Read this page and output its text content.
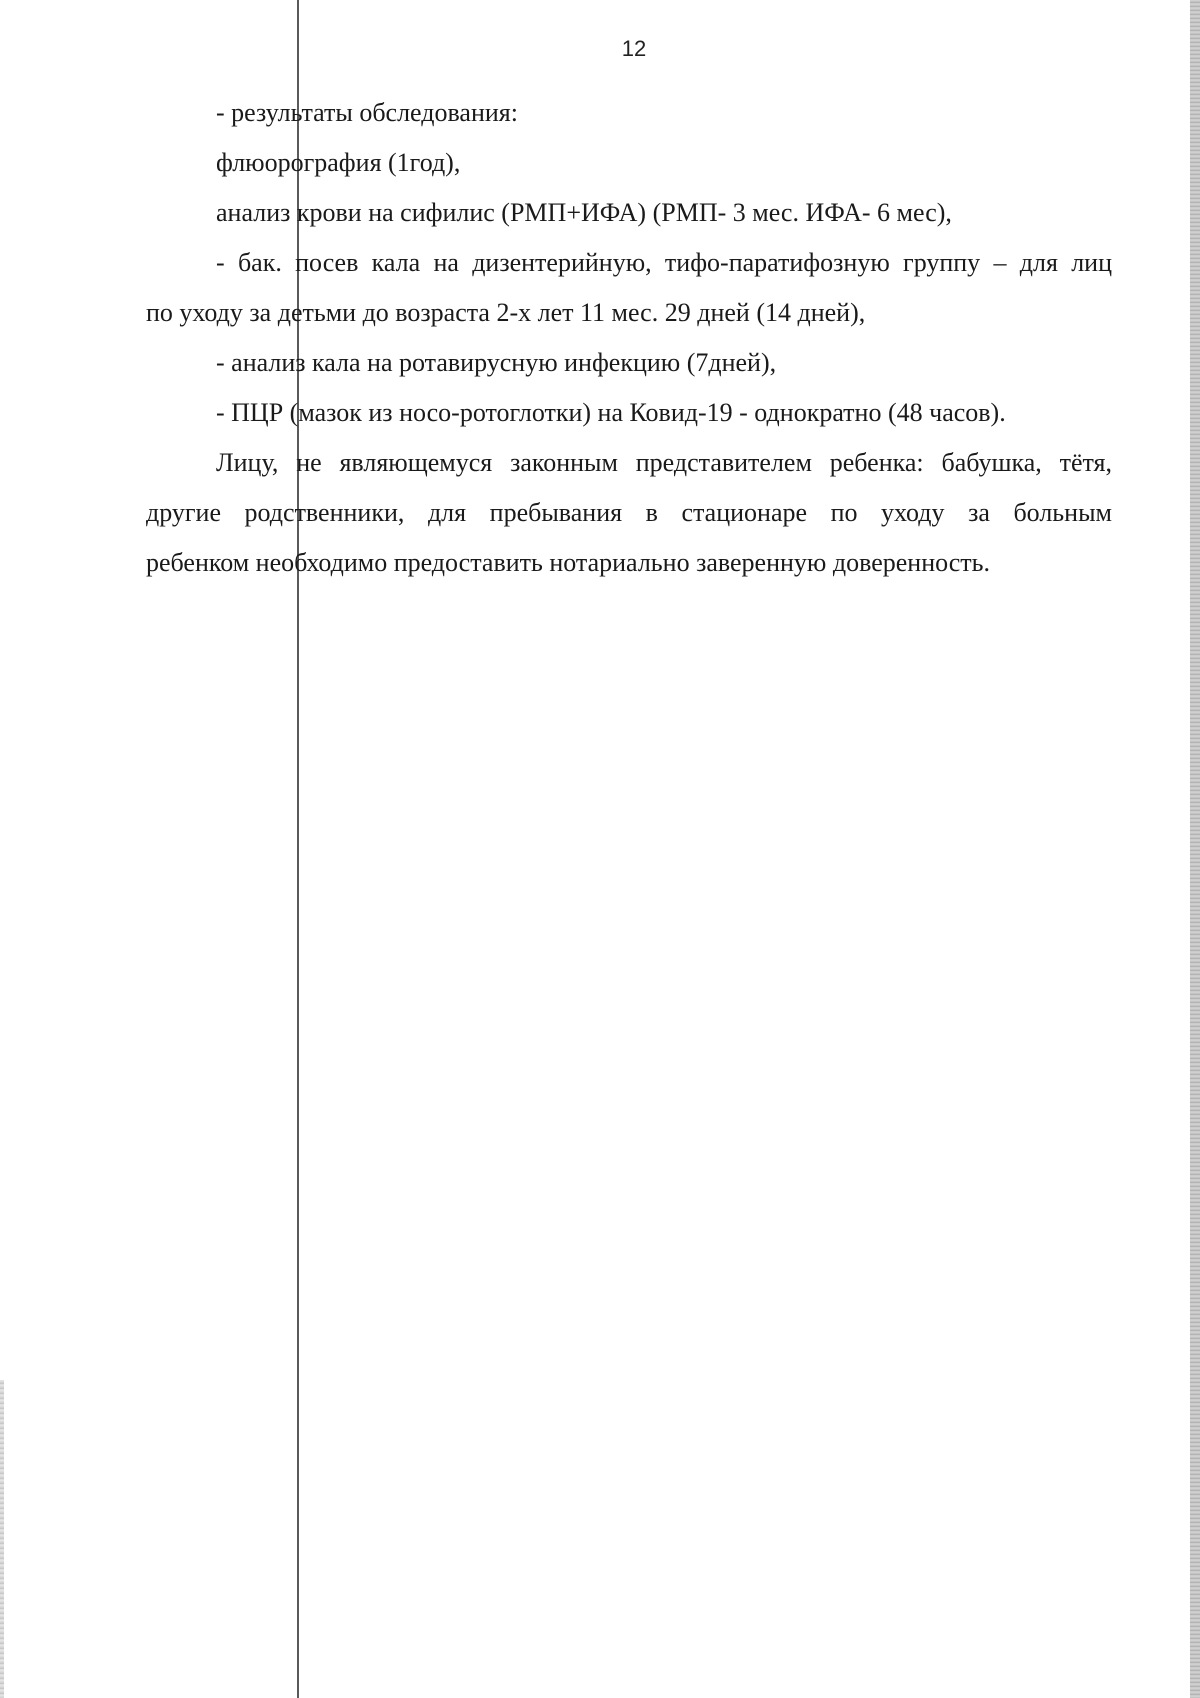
12

- результаты обследования:

флюорография (1год),

анализ крови на сифилис (РМП+ИФА) (РМП- 3 мес. ИФА- 6 мес),

- бак. посев кала на дизентерийную, тифо-паратифозную группу – для лиц

по уходу за детьми до возраста 2-х лет 11 мес. 29 дней (14 дней),

- анализ кала на ротавирусную инфекцию (7дней),

- ПЦР (мазок из носо-ротоглотки) на Ковид-19 - однократно (48 часов).

Лицу, не являющемуся законным представителем ребенка: бабушка, тётя,

другие родственники, для пребывания в стационаре по уходу за больным

ребенком необходимо предоставить нотариально заверенную доверенность.
